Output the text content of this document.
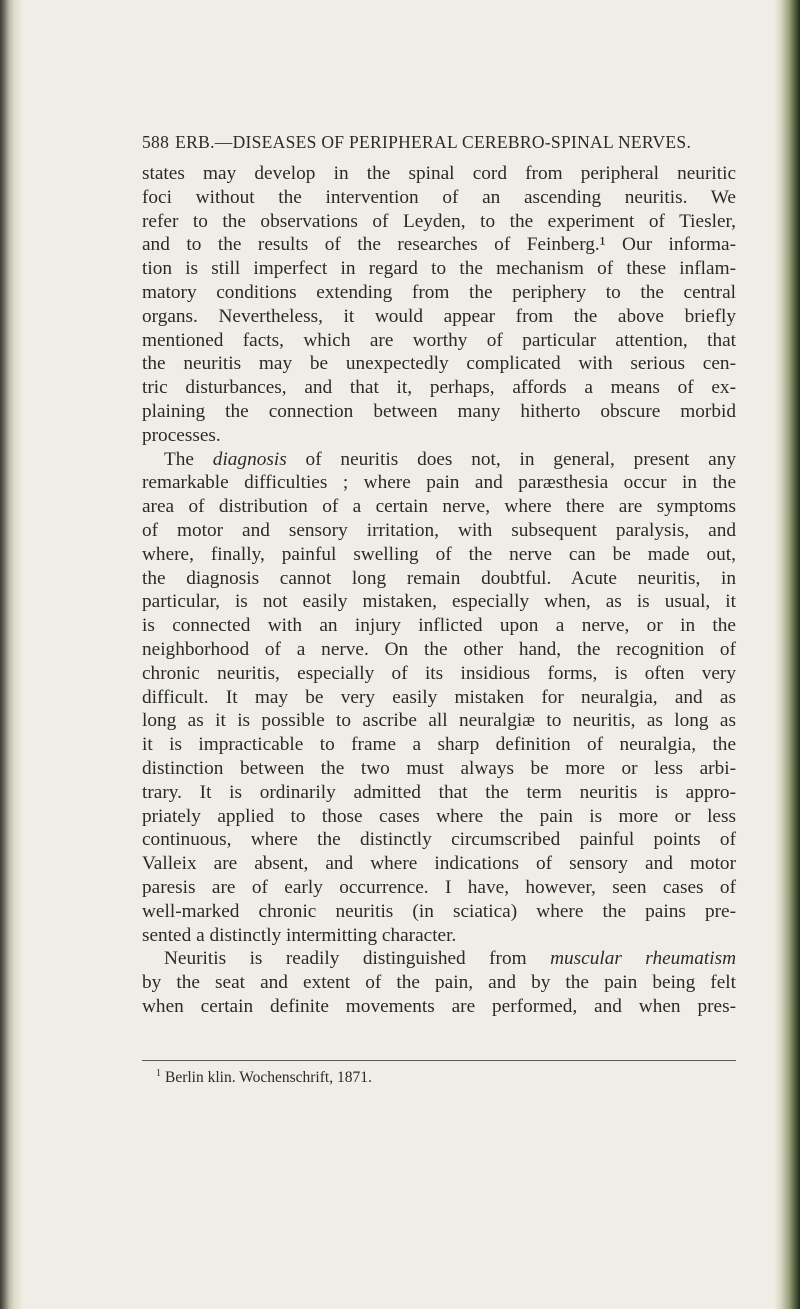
588 ERB.—DISEASES OF PERIPHERAL CEREBRO-SPINAL NERVES.
states may develop in the spinal cord from peripheral neuritic
foci without the intervention of an ascending neuritis. We
refer to the observations of Leyden, to the experiment of Tiesler,
and to the results of the researches of Feinberg.¹ Our informa-
tion is still imperfect in regard to the mechanism of these inflam-
matory conditions extending from the periphery to the central
organs. Nevertheless, it would appear from the above briefly
mentioned facts, which are worthy of particular attention, that
the neuritis may be unexpectedly complicated with serious cen-
tric disturbances, and that it, perhaps, affords a means of ex-
plaining the connection between many hitherto obscure morbid
processes.
The diagnosis of neuritis does not, in general, present any
remarkable difficulties ; where pain and paræsthesia occur in the
area of distribution of a certain nerve, where there are symptoms
of motor and sensory irritation, with subsequent paralysis, and
where, finally, painful swelling of the nerve can be made out,
the diagnosis cannot long remain doubtful. Acute neuritis, in
particular, is not easily mistaken, especially when, as is usual, it
is connected with an injury inflicted upon a nerve, or in the
neighborhood of a nerve. On the other hand, the recognition of
chronic neuritis, especially of its insidious forms, is often very
difficult. It may be very easily mistaken for neuralgia, and as
long as it is possible to ascribe all neuralgiæ to neuritis, as long as
it is impracticable to frame a sharp definition of neuralgia, the
distinction between the two must always be more or less arbi-
trary. It is ordinarily admitted that the term neuritis is appro-
priately applied to those cases where the pain is more or less
continuous, where the distinctly circumscribed painful points of
Valleix are absent, and where indications of sensory and motor
paresis are of early occurrence. I have, however, seen cases of
well-marked chronic neuritis (in sciatica) where the pains pre-
sented a distinctly intermitting character.
Neuritis is readily distinguished from muscular rheumatism
by the seat and extent of the pain, and by the pain being felt
when certain definite movements are performed, and when pres-
$^1$ Berlin klin. Wochenschrift, 1871.
